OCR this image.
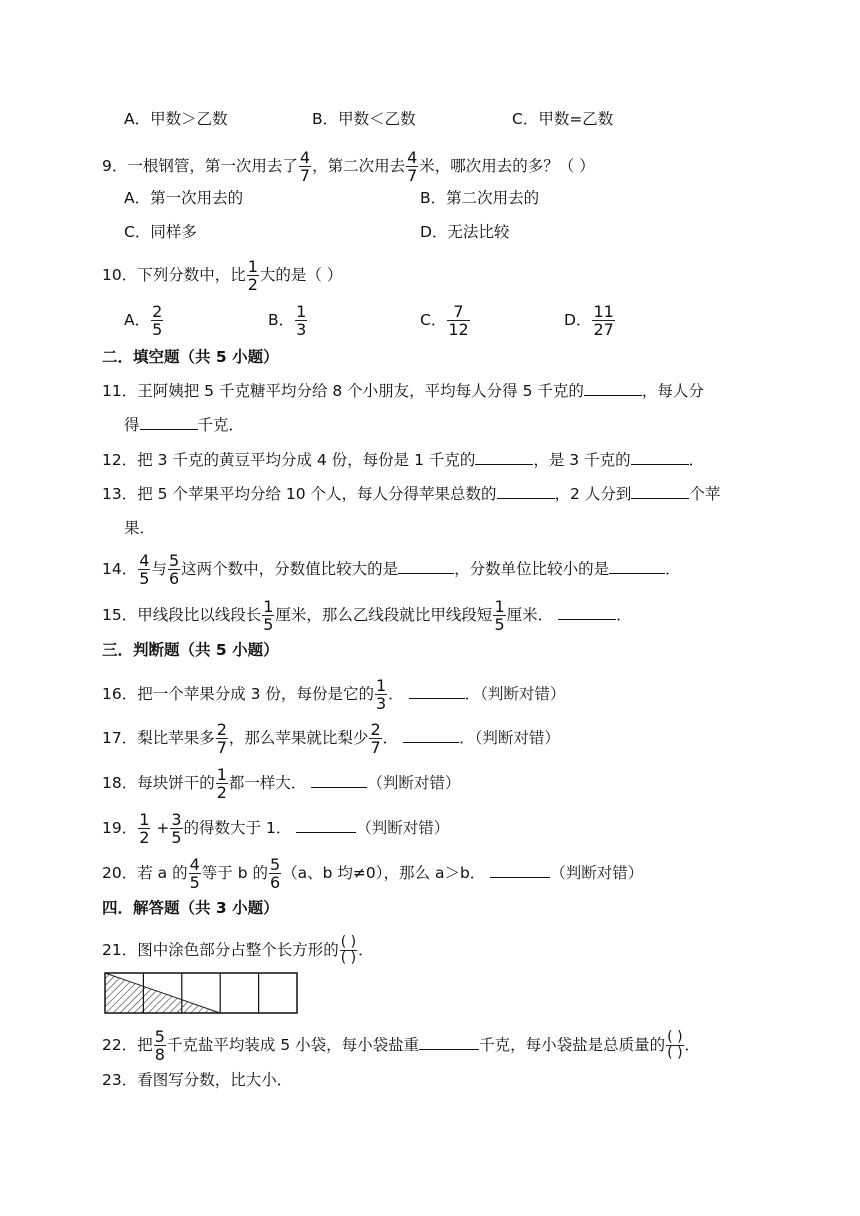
A．甲数＞乙数	B．甲数＜乙数	C．甲数=乙数
9．一根钢管，第一次用去了 $\frac{4}{7}$ ，第二次用去 $\frac{4}{7}$ 米，哪次用去的多？（ ）
A．第一次用去的	B．第二次用去的
C．同样多	D．无法比较
10．下列分数中，比 $\frac{1}{2}$ 大的是（ ）
A． $\frac{2}{5}$	B． $\frac{1}{3}$	C． $\frac{7}{12}$	D． $\frac{11}{27}$
二．填空题（共 5 小题）
11．王阿姨把 5 千克糖平均分给 8 个小朋友，平均每人分得 5 千克的	，每人分
得	千克．
12．把 3 千克的黄豆平均分成 4 份，每份是 1 千克的	，是 3 千克的	．
13．把 5 个苹果平均分给 10 个人，每人分得苹果总数的	，2 人分到	个苹
果．
14． $\frac{4}{5}$ 与 $\frac{5}{6}$ 这两个数中，分数值比较大的是	，分数单位比较小的是	．
15．甲线段比以线段长 $\frac{1}{5}$ 厘米，那么乙线段就比甲线段短 $\frac{1}{5}$ 厘米．	．
三．判断题（共 5 小题）
16．把一个苹果分成 3 份，每份是它的 $\frac{1}{3}$ ．	．（判断对错）
17．梨比苹果多 $\frac{2}{7}$ ，那么苹果就比梨少 $\frac{2}{7}$ ．	．（判断对错）
18．每块饼干的 $\frac{1}{2}$ 都一样大．	（判断对错）
19． $\frac{1}{2} + \frac{3}{5}$ 的得数大于 1．	（判断对错）
20．若 a 的 $\frac{4}{5}$ 等于 b 的 $\frac{5}{6} (a$、b 均≠0），那么 a＞b．	（判断对错）
四．解答题（共 3 小题）
21．图中涂色部分占整个长方形的 $\frac{( )}{( )}$ ．
22．把 $\frac{5}{8}$ 千克盐平均装成 5 小袋，每小袋盐重	千克，每小袋盐是总质量的 $\frac{( )}{( )}$ ．
23．看图写分数，比大小．
